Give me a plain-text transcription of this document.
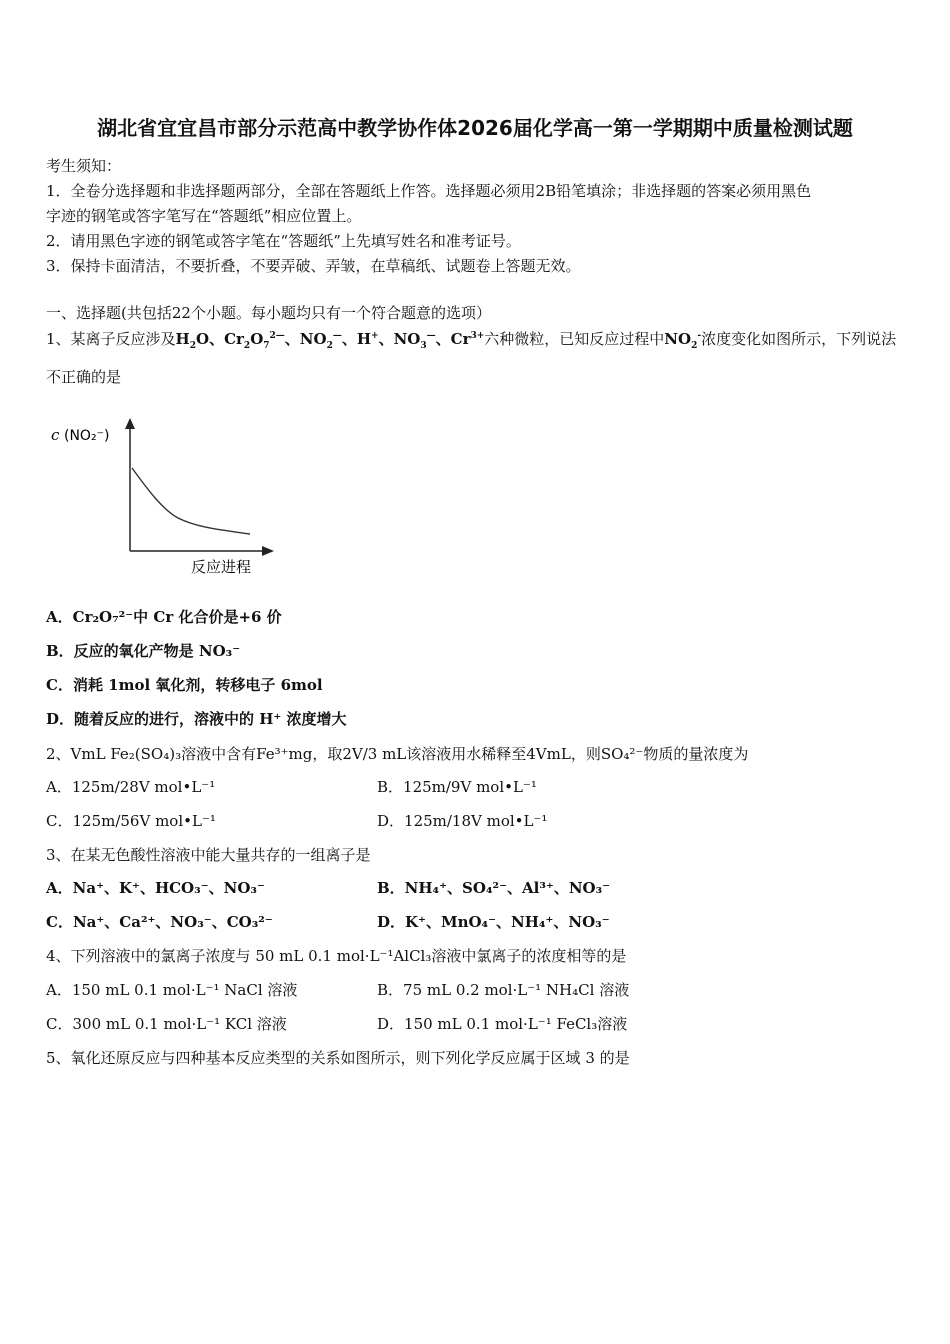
湖北省宜宜昌市部分示范高中教学协作体2026届化学高一第一学期期中质量检测试题
考生须知：
1．全卷分选择题和非选择题两部分，全部在答题纸上作答。选择题必须用2B铅笔填涂；非选择题的答案必须用黑色
字迹的钢笔或答字笔写在“答题纸”相应位置上。
2．请用黑色字迹的钢笔或答字笔在“答题纸”上先填写姓名和准考证号。
3．保持卡面清洁，不要折叠，不要弄破、弄皱，在草稿纸、试题卷上答题无效。
一、选择题(共包括22个小题。每小题均只有一个符合题意的选项）
1、某离子反应涉及$H_2O$、$Cr_2O_7^{2—}$、$NO_2^—$、H+、$NO_3^—$、$Cr^{3+}$六种微粒，已知反应过程中$NO_2^-$浓度变化如图所示，下列说法
不正确的是
c (NO₂⁻)
反应进程
A．Cr₂O₇²⁻中 Cr 化合价是+6 价
B．反应的氧化产物是 NO₃⁻
C．消耗 1mol 氧化剂，转移电子 6mol
D．随着反应的进行，溶液中的 H⁺ 浓度增大
2、VmL Fe₂(SO₄)₃溶液中含有Fe³⁺mg，取2V/3 mL该溶液用水稀释至4VmL，则SO₄²⁻物质的量浓度为
A．125m/28V mol•L⁻¹	B．125m/9V mol•L⁻¹
C．125m/56V mol•L⁻¹	D．125m/18V mol•L⁻¹
3、在某无色酸性溶液中能大量共存的一组离子是
A．Na⁺、K⁺、HCO₃⁻、NO₃⁻	B．NH₄⁺、SO₄²⁻、Al³⁺、NO₃⁻
C．Na⁺、Ca²⁺、NO₃⁻、CO₃²⁻	D．K⁺、MnO₄⁻、NH₄⁺、NO₃⁻
4、下列溶液中的氯离子浓度与 50 mL 0.1 mol·L⁻¹AlCl₃溶液中氯离子的浓度相等的是
A．150 mL 0.1 mol·L⁻¹ NaCl 溶液	B．75 mL 0.2 mol·L⁻¹ NH₄Cl 溶液
C．300 mL 0.1 mol·L⁻¹ KCl 溶液	D．150 mL 0.1 mol·L⁻¹ FeCl₃溶液
5、氧化还原反应与四种基本反应类型的关系如图所示，则下列化学反应属于区域 3 的是
